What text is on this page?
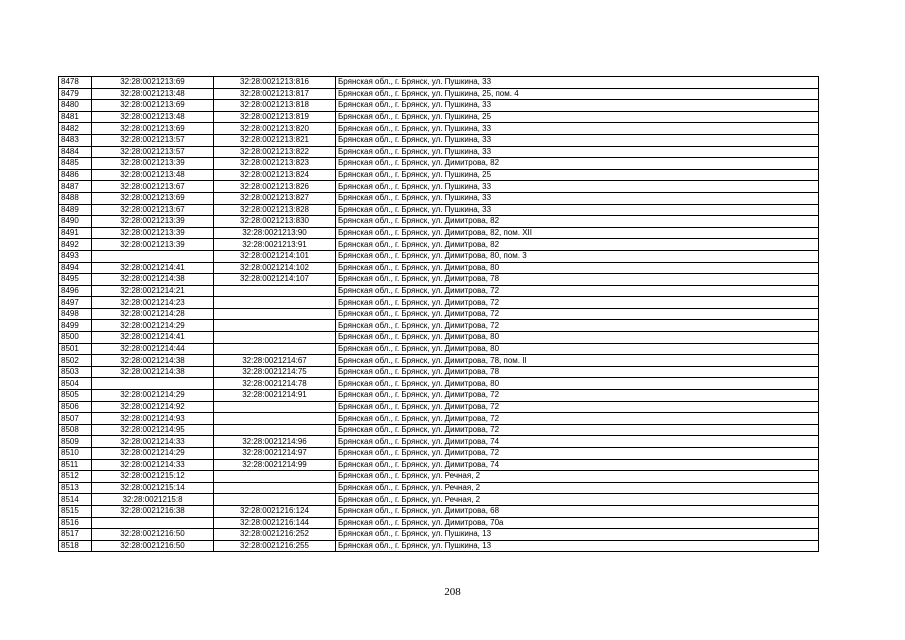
8478	32:28:0021213:69	32:28:0021213:816	Брянская обл., г. Брянск, ул. Пушкина, 33
8479	32:28:0021213:48	32:28:0021213:817	Брянская обл., г. Брянск, ул. Пушкина, 25, пом. 4
8480	32:28:0021213:69	32:28:0021213:818	Брянская обл., г. Брянск, ул. Пушкина, 33
8481	32:28:0021213:48	32:28:0021213:819	Брянская обл., г. Брянск, ул. Пушкина, 25
8482	32:28:0021213:69	32:28:0021213:820	Брянская обл., г. Брянск, ул. Пушкина, 33
8483	32:28:0021213:57	32:28:0021213:821	Брянская обл., г. Брянск, ул. Пушкина, 33
8484	32:28:0021213:57	32:28:0021213:822	Брянская обл., г. Брянск, ул. Пушкина, 33
8485	32:28:0021213:39	32:28:0021213:823	Брянская обл., г. Брянск, ул. Димитрова, 82
8486	32:28:0021213:48	32:28:0021213:824	Брянская обл., г. Брянск, ул. Пушкина, 25
8487	32:28:0021213:67	32:28:0021213:826	Брянская обл., г. Брянск, ул. Пушкина, 33
8488	32:28:0021213:69	32:28:0021213:827	Брянская обл., г. Брянск, ул. Пушкина, 33
8489	32:28:0021213:67	32:28:0021213:828	Брянская обл., г. Брянск, ул. Пушкина, 33
8490	32:28:0021213:39	32:28:0021213:830	Брянская обл., г. Брянск, ул. Димитрова, 82
8491	32:28:0021213:39	32:28:0021213:90	Брянская обл., г. Брянск, ул. Димитрова, 82, пом. XII
8492	32:28:0021213:39	32:28:0021213:91	Брянская обл., г. Брянск, ул. Димитрова, 82
8493		32:28:0021214:101	Брянская обл., г. Брянск, ул. Димитрова, 80, пом. 3
8494	32:28:0021214:41	32:28:0021214:102	Брянская обл., г. Брянск, ул. Димитрова, 80
8495	32:28:0021214:38	32:28:0021214:107	Брянская обл., г. Брянск, ул. Димитрова, 78
8496	32:28:0021214:21		Брянская обл., г. Брянск, ул. Димитрова, 72
8497	32:28:0021214:23		Брянская обл., г. Брянск, ул. Димитрова, 72
8498	32:28:0021214:28		Брянская обл., г. Брянск, ул. Димитрова, 72
8499	32:28:0021214:29		Брянская обл., г. Брянск, ул. Димитрова, 72
8500	32:28:0021214:41		Брянская обл., г. Брянск, ул. Димитрова, 80
8501	32:28:0021214:44		Брянская обл., г. Брянск, ул. Димитрова, 80
8502	32:28:0021214:38	32:28:0021214:67	Брянская обл., г. Брянск, ул. Димитрова, 78, пом. II
8503	32:28:0021214:38	32:28:0021214:75	Брянская обл., г. Брянск, ул. Димитрова, 78
8504		32:28:0021214:78	Брянская обл., г. Брянск, ул. Димитрова, 80
8505	32:28:0021214:29	32:28:0021214:91	Брянская обл., г. Брянск, ул. Димитрова, 72
8506	32:28:0021214:92		Брянская обл., г. Брянск, ул. Димитрова, 72
8507	32:28:0021214:93		Брянская обл., г. Брянск, ул. Димитрова, 72
8508	32:28:0021214:95		Брянская обл., г. Брянск, ул. Димитрова, 72
8509	32:28:0021214:33	32:28:0021214:96	Брянская обл., г. Брянск, ул. Димитрова, 74
8510	32:28:0021214:29	32:28:0021214:97	Брянская обл., г. Брянск, ул. Димитрова, 72
8511	32:28:0021214:33	32:28:0021214:99	Брянская обл., г. Брянск, ул. Димитрова, 74
8512	32:28:0021215:12		Брянская обл., г. Брянск, ул. Речная, 2
8513	32:28:0021215:14		Брянская обл., г. Брянск, ул. Речная, 2
8514	32:28:0021215:8		Брянская обл., г. Брянск, ул. Речная, 2
8515	32:28:0021216:38	32:28:0021216:124	Брянская обл., г. Брянск, ул. Димитрова, 68
8516		32:28:0021216:144	Брянская обл., г. Брянск, ул. Димитрова, 70а
8517	32:28:0021216:50	32:28:0021216:252	Брянская обл., г. Брянск, ул. Пушкина, 13
8518	32:28:0021216:50	32:28:0021216:255	Брянская обл., г. Брянск, ул. Пушкина, 13
208
